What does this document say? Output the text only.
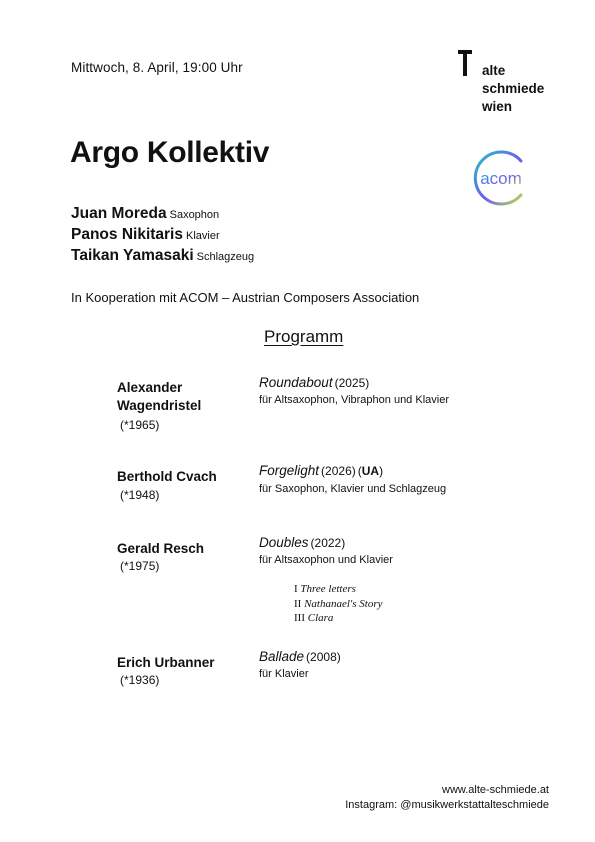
Mittwoch, 8. April, 19:00 Uhr	alte
schmiede
wien
Argo Kollektiv
acom
Juan Moreda Saxophon
Panos Nikitaris Klavier
Taikan Yamasaki Schlagzeug
In Kooperation mit ACOM – Austrian Composers Association
Programm
Alexander Wagendristel
(*1965)
Roundabout (2025)
für Altsaxophon, Vibraphon und Klavier
Berthold Cvach
(*1948)
Forgelight (2026) (UA)
für Saxophon, Klavier und Schlagzeug
Gerald Resch
(*1975)
Doubles (2022)
für Altsaxophon und Klavier
I Three letters
II Nathanael's Story
III Clara
Erich Urbanner
(*1936)
Ballade (2008)
für Klavier
www.alte-schmiede.at
Instagram: @musikwerkstattalteschmiede
